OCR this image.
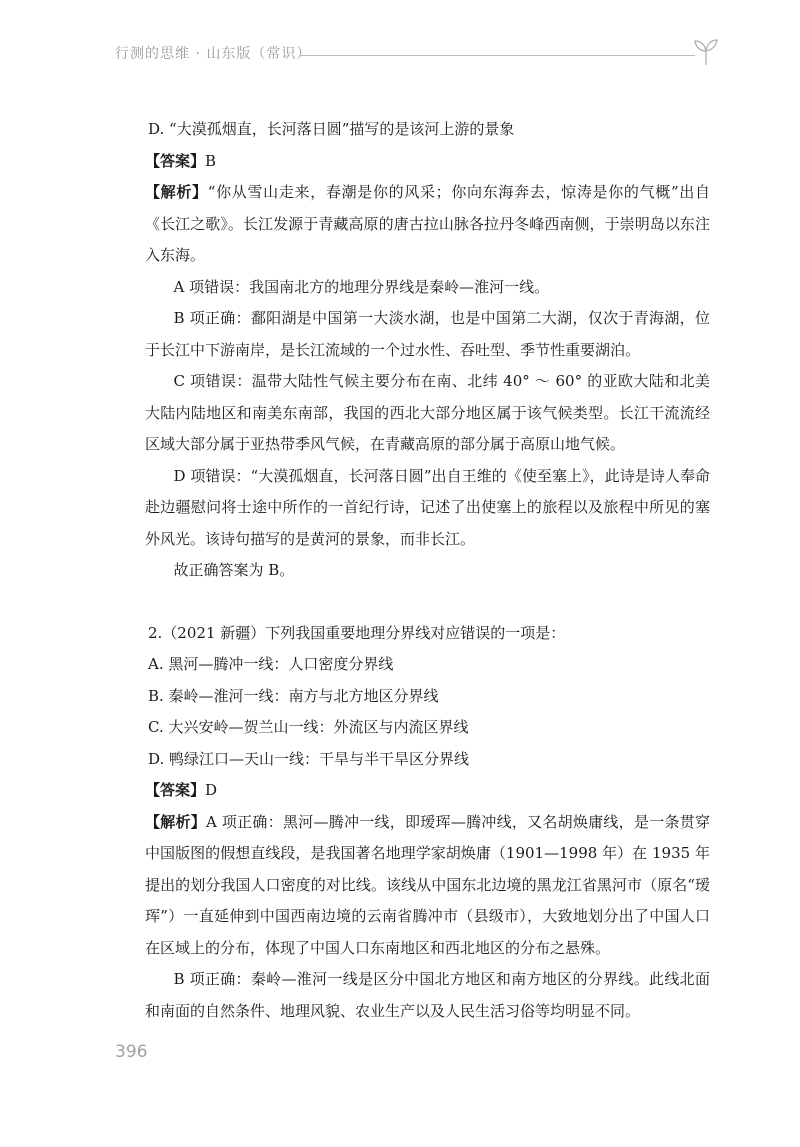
行测的思维 · 山东版（常识）

D. “大漠孤烟直，长河落日圆”描写的是该河上游的景象

【答案】B

【解析】“你从雪山走来，春潮是你的风采；你向东海奔去，惊涛是你的气概”出自《长江之歌》。长江发源于青藏高原的唐古拉山脉各拉丹冬峰西南侧，于崇明岛以东注入东海。

A 项错误：我国南北方的地理分界线是秦岭—淮河一线。

B 项正确：鄱阳湖是中国第一大淡水湖，也是中国第二大湖，仅次于青海湖，位于长江中下游南岸，是长江流域的一个过水性、吞吐型、季节性重要湖泊。

C 项错误：温带大陆性气候主要分布在南、北纬 40° ～ 60° 的亚欧大陆和北美大陆内陆地区和南美东南部，我国的西北大部分地区属于该气候类型。长江干流流经区域大部分属于亚热带季风气候，在青藏高原的部分属于高原山地气候。

D 项错误：“大漠孤烟直，长河落日圆”出自王维的《使至塞上》，此诗是诗人奉命赴边疆慰问将士途中所作的一首纪行诗，记述了出使塞上的旅程以及旅程中所见的塞外风光。该诗句描写的是黄河的景象，而非长江。

故正确答案为 B。

2.（2021 新疆）下列我国重要地理分界线对应错误的一项是：

A. 黑河—腾冲一线：人口密度分界线

B. 秦岭—淮河一线：南方与北方地区分界线

C. 大兴安岭—贺兰山一线：外流区与内流区界线

D. 鸭绿江口—天山一线：干旱与半干旱区分界线

【答案】D

【解析】A 项正确：黑河—腾冲一线，即瑷珲—腾冲线，又名胡焕庸线，是一条贯穿中国版图的假想直线段，是我国著名地理学家胡焕庸（1901—1998 年）在 1935 年提出的划分我国人口密度的对比线。该线从中国东北边境的黑龙江省黑河市（原名“瑷珲”）一直延伸到中国西南边境的云南省腾冲市（县级市），大致地划分出了中国人口在区域上的分布，体现了中国人口东南地区和西北地区的分布之悬殊。

B 项正确：秦岭—淮河一线是区分中国北方地区和南方地区的分界线。此线北面和南面的自然条件、地理风貌、农业生产以及人民生活习俗等均明显不同。

396
